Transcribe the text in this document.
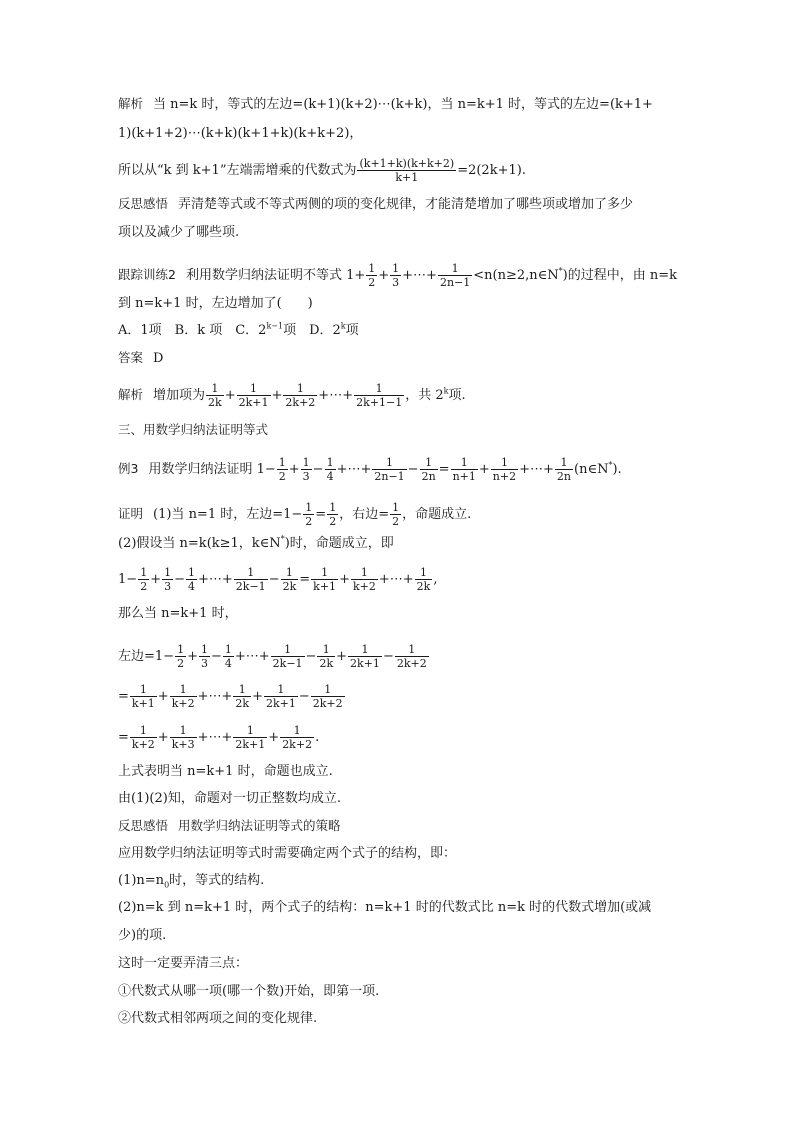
解析 当 n=k 时，等式的左边=(k+1)(k+2)⋯(k+k)，当 n=k+1 时，等式的左边=(k+1+
1)(k+1+2)⋯(k+k)(k+1+k)(k+k+2)，
所以从“k 到 k+1”左端需增乘的代数式为 $\frac{(k+1+k)(k+k+2)}{k+1} =2(2k+1)$.
反思感悟 弄清楚等式或不等式两侧的项的变化规律，才能清楚增加了哪些项或增加了多少
项以及减少了哪些项.
跟踪训练2 利用数学归纳法证明不等式 $1+ \frac{1}{2} + \frac{1}{3}$ +⋯+ $\frac{1}{2n-1}$ <n(n≥2,n∈N*)的过程中，由 n=k
到 n=k+1 时，左边增加了(　　)
A．1项　B．k 项　C．$2^{k-1}$项　D．2$^k$项
答案 D
解析 增加项为 $\frac{1}{2k} + \frac{1}{2k+1} + \frac{1}{2k+2}$ +⋯+ $\frac{1}{2k+1-1}$ ，共 2$^k$项.
三、用数学归纳法证明等式
例3 用数学归纳法证明 $1- \frac{1}{2} + \frac{1}{3} - \frac{1}{4}$ +⋯+ $\frac{1}{2n-1} - \frac{1}{2n} = \frac{1}{n+1} + \frac{1}{n+2}$ +⋯+ $\frac{1}{2n}$ (n∈N*).
证明 (1)当 n=1 时，左边$=1- \frac{1}{2} = \frac{1}{2}$ ，右边= $\frac{1}{2}$ ，命题成立.
(2)假设当 n=k(k≥1，k∈N*)时，命题成立，即
$1- \frac{1}{2} + \frac{1}{3} - \frac{1}{4}$ +⋯+ $\frac{1}{2k-1} - \frac{1}{2k} = \frac{1}{k+1} + \frac{1}{k+2}$ +⋯+ $\frac{1}{2k}$ ,
那么当 n=k+1 时，
左边$=1- \frac{1}{2} + \frac{1}{3} - \frac{1}{4}$ +⋯+ $\frac{1}{2k-1} - \frac{1}{2k} + \frac{1}{2k+1} - \frac{1}{2k+2}$
= $\frac{1}{k+1} + \frac{1}{k+2}$ +⋯+ $\frac{1}{2k} + \frac{1}{2k+1} - \frac{1}{2k+2}$
= $\frac{1}{k+2} + \frac{1}{k+3}$ +⋯+ $\frac{1}{2k+1} + \frac{1}{2k+2}$ .
上式表明当 n=k+1 时，命题也成立.
由(1)(2)知，命题对一切正整数均成立.
反思感悟 用数学归纳法证明等式的策略
应用数学归纳法证明等式时需要确定两个式子的结构，即：
$(1)n=n_0$时，等式的结构.
(2)n=k 到 n=k+1 时，两个式子的结构：n=k+1 时的代数式比 n=k 时的代数式增加(或减
少)的项.
这时一定要弄清三点：
①代数式从哪一项(哪一个数)开始，即第一项.
②代数式相邻两项之间的变化规律.
